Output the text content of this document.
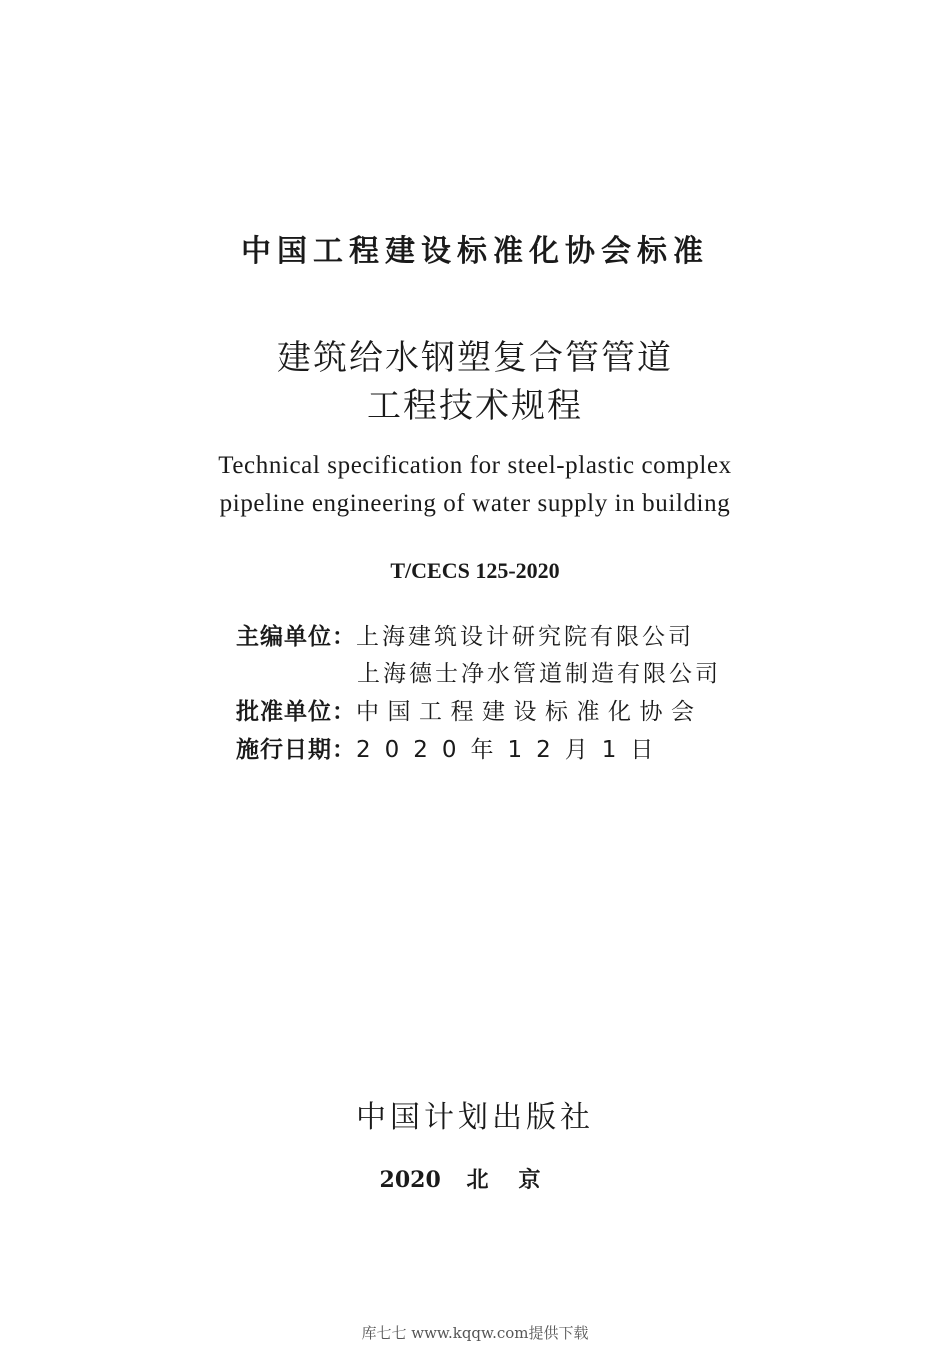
中国工程建设标准化协会标准
建筑给水钢塑复合管管道
工程技术规程
Technical specification for steel-plastic complex
pipeline engineering of water supply in building
T/CECS 125-2020
主编单位： 上海建筑设计研究院有限公司
上海德士净水管道制造有限公司
批准单位： 中国工程建设标准化协会
施行日期： 2020年12月1日
中国计划出版社
2020 北京
库七七 www.kqqw.com提供下载
